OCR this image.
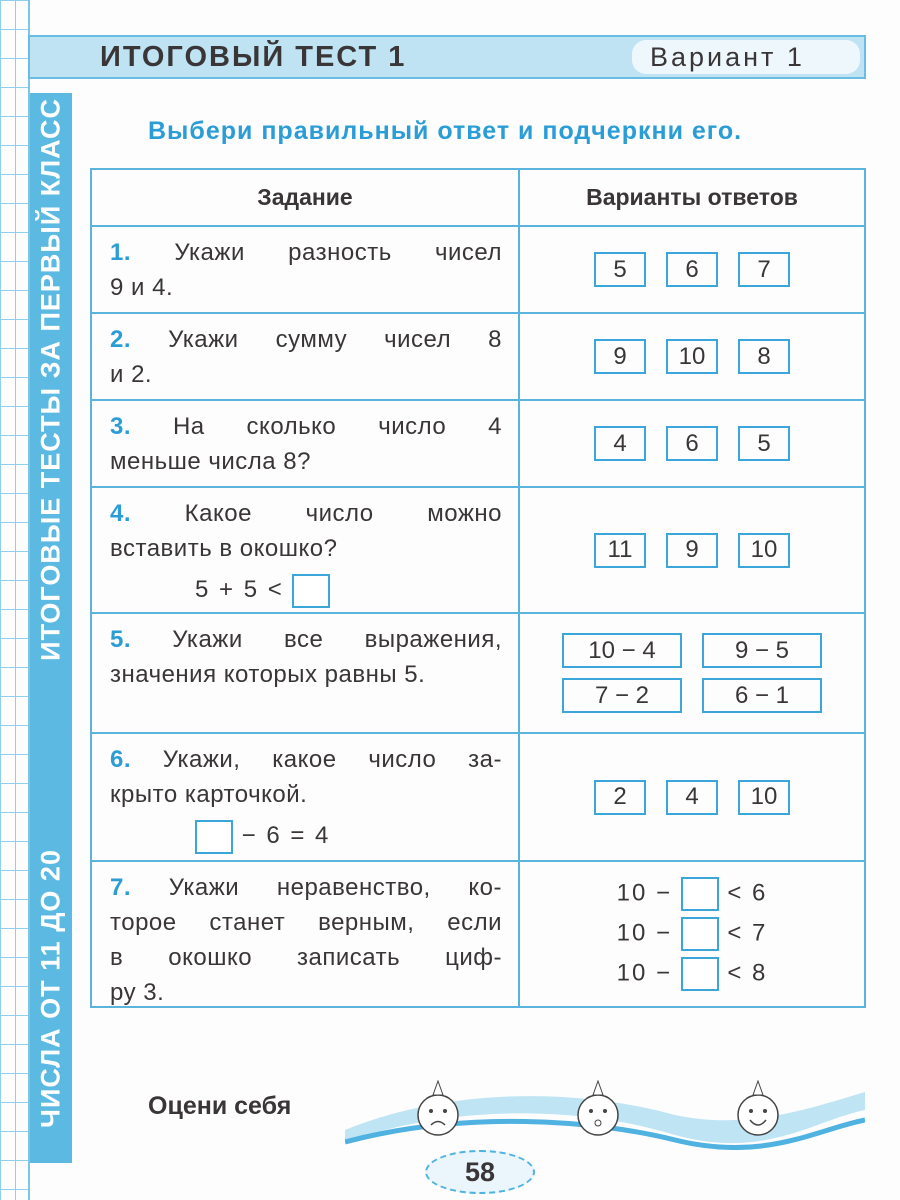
ЧИСЛА ОТ 11 ДО 20
ИТОГОВЫЕ ТЕСТЫ ЗА ПЕРВЫЙ КЛАСС
ИТОГОВЫЙ ТЕСТ 1	Вариант 1
Выбери правильный ответ и подчеркни его.
Задание	Варианты ответов
1. Укажи разность чисел
9 и 4.
5	6	7
2. Укажи сумму чисел 8
и 2.
9	10	8
3. На сколько число 4
меньше числа 8?
4	6	5
4. Какое число можно
вставить в окошко?
5 + 5 <
11	9	10
5. Укажи все выражения,
значения которых равны 5.
10 − 4	9 − 5
7 − 2	6 − 1
6. Укажи, какое число за-
крыто карточкой.
− 6 = 4
2	4	10
7. Укажи неравенство, ко-
торое станет верным, если
в окошко записать циф-
ру 3.
10 − < 6
10 − < 7
10 − < 8
Оцени себя
58
